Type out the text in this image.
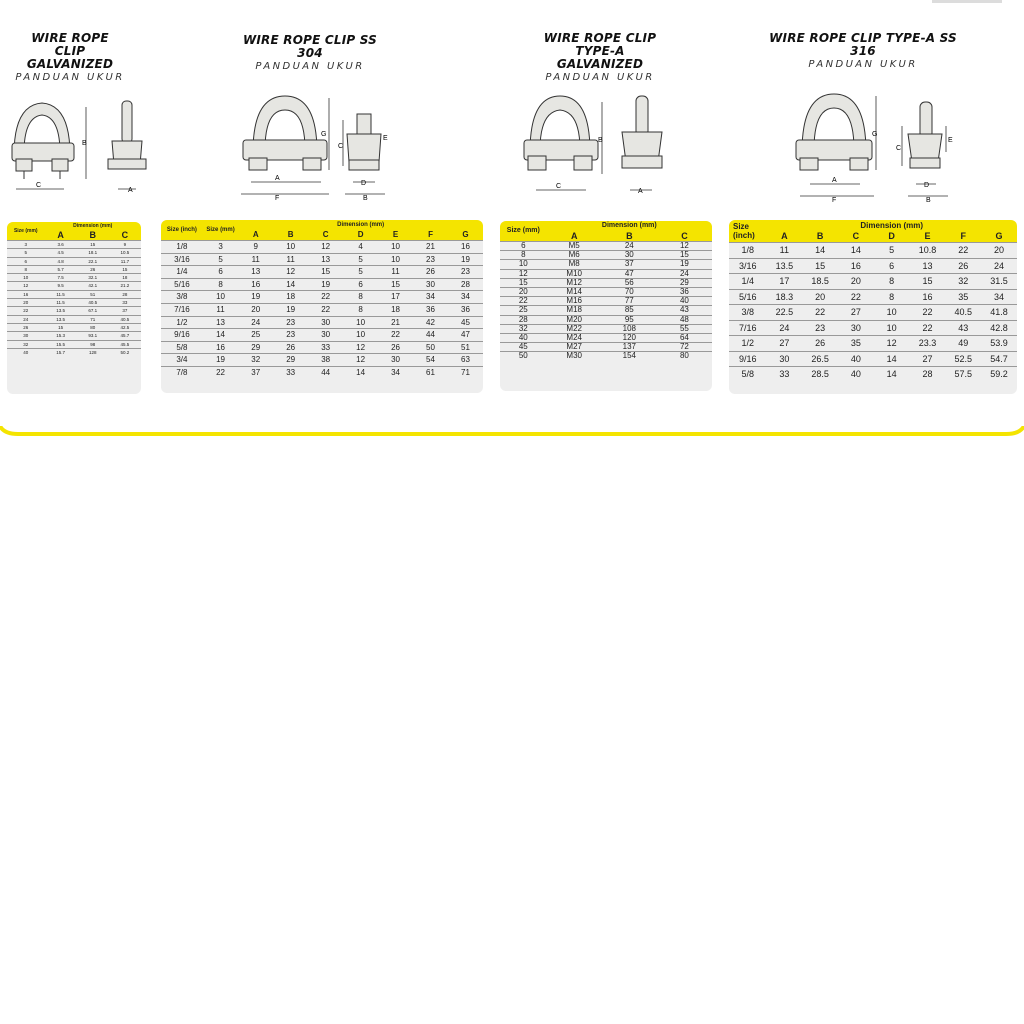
WIRE ROPE CLIP GALVANIZED
PANDUAN UKUR
B
C
A
Size (mm)	Dimension (mm)		
	A	B	C
3	3.6	15	9
5	4.5	18.1	10.5
6	4.8	22.1	11.7
8	5.7	26	15
10	7.5	32.1	18
12	9.5	42.1	21.2
16	11.5	51	28
20	11.5	40.5	33
22	13.5	67.1	37
24	13.5	71	40.5
26	15	80	42.5
30	15.3	93.1	45.7
32	15.5	98	45.5
40	15.7	128	50.2
WIRE ROPE CLIP SS 304
PANDUAN UKUR
G
A
F
C
E
D
B
Size (inch)	Size (mm)	Dimension (mm)						
		A	B	C	D	E	F	G
1/8	3	9	10	12	4	10	21	16
3/16	5	11	11	13	5	10	23	19
1/4	6	13	12	15	5	11	26	23
5/16	8	16	14	19	6	15	30	28
3/8	10	19	18	22	8	17	34	34
7/16	11	20	19	22	8	18	36	36
1/2	13	24	23	30	10	21	42	45
9/16	14	25	23	30	10	22	44	47
5/8	16	29	26	33	12	26	50	51
3/4	19	32	29	38	12	30	54	63
7/8	22	37	33	44	14	34	61	71
WIRE ROPE CLIP TYPE-A GALVANIZED
PANDUAN UKUR
B
C
A
Size (mm)	Dimension (mm)		
	A	B	C
6	M5	24	12
8	M6	30	15
10	M8	37	19
12	M10	47	24
15	M12	56	29
20	M14	70	36
22	M16	77	40
25	M18	85	43
28	M20	95	48
32	M22	108	55
40	M24	120	64
45	M27	137	72
50	M30	154	80
WIRE ROPE CLIP TYPE-A SS 316
PANDUAN UKUR
G
A
F
C
E
D
B
Size (inch)	Dimension (mm)						
	A	B	C	D	E	F	G
1/8	11	14	14	5	10.8	22	20
3/16	13.5	15	16	6	13	26	24
1/4	17	18.5	20	8	15	32	31.5
5/16	18.3	20	22	8	16	35	34
3/8	22.5	22	27	10	22	40.5	41.8
7/16	24	23	30	10	22	43	42.8
1/2	27	26	35	12	23.3	49	53.9
9/16	30	26.5	40	14	27	52.5	54.7
5/8	33	28.5	40	14	28	57.5	59.2
